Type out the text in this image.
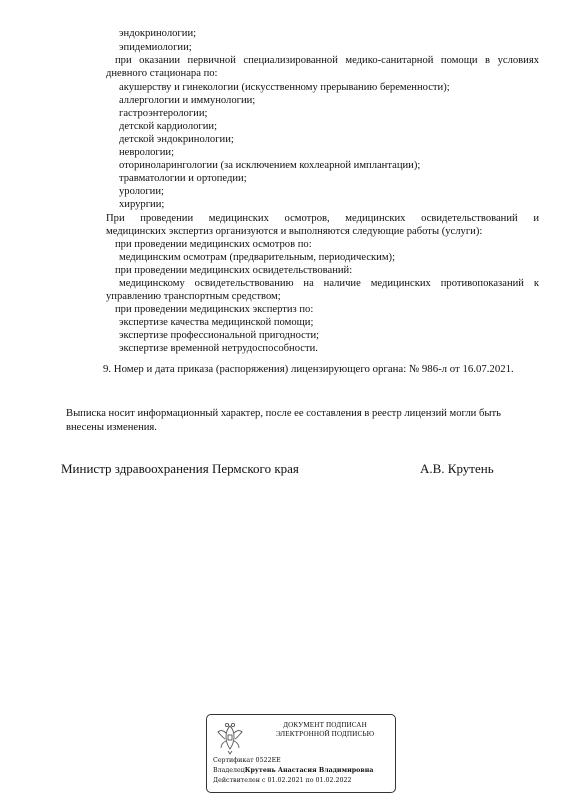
эндокринологии;
эпидемиологии;
при оказании первичной специализированной медико-санитарной помощи в условиях
дневного стационара по:
акушерству и гинекологии (искусственному прерыванию беременности);
аллергологии и иммунологии;
гастроэнтерологии;
детской кардиологии;
детской эндокринологии;
неврологии;
оториноларингологии (за исключением кохлеарной имплантации);
травматологии и ортопедии;
урологии;
хирургии;
При проведении медицинских осмотров, медицинских освидетельствований и
медицинских экспертиз организуются и выполняются следующие работы (услуги):
при проведении медицинских осмотров по:
медицинским осмотрам (предварительным, периодическим);
при проведении медицинских освидетельствований:
медицинскому освидетельствованию на наличие медицинских противопоказаний к
управлению транспортным средством;
при проведении медицинских экспертиз по:
экспертизе качества медицинской помощи;
экспертизе профессиональной пригодности;
экспертизе временной нетрудоспособности.
9. Номер и дата приказа (распоряжения) лицензирующего органа: № 986-л от 16.07.2021.
Выписка носит информационный характер, после ее составления в реестр лицензий могли быть внесены изменения.
Министр здравоохранения Пермского края	А.В. Крутень
ДОКУМЕНТ ПОДПИСАН
ЭЛЕКТРОННОЙ ПОДПИСЬЮ
Сертификат 0522EE
ВладелецКрутень Анастасия Владимировна
Действителен с 01.02.2021 по 01.02.2022
